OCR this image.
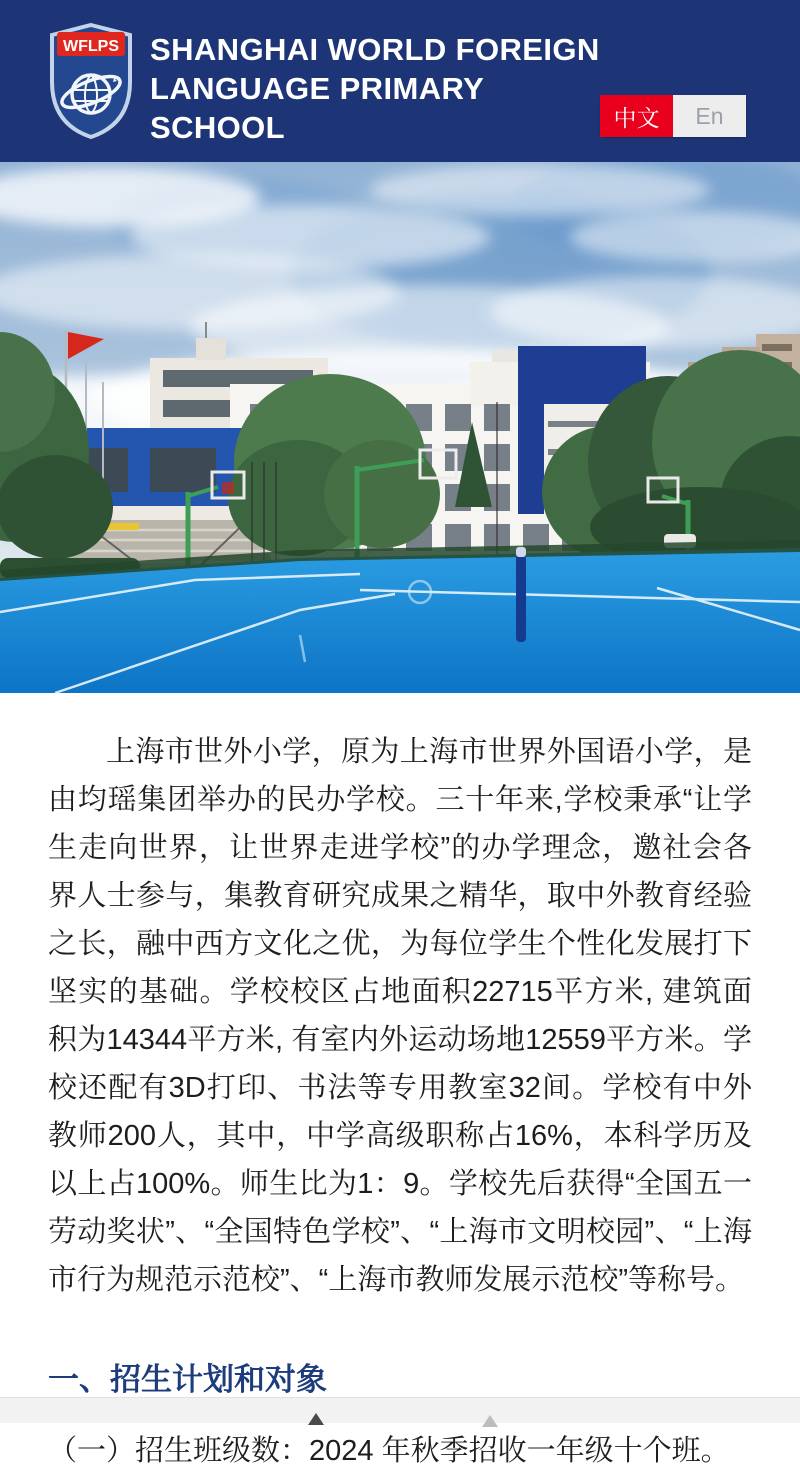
WFLPS SHANGHAI WORLD FOREIGN
LANGUAGE PRIMARY
SCHOOL	中文	En

上海市世外小学，原为上海市世界外国语小学，是由均瑶集团举办的民办学校。三十年来,学校秉承“让学生走向世界，让世界走进学校”的办学理念，邀社会各界人士参与，集教育研究成果之精华，取中外教育经验之长，融中西方文化之优，为每位学生个性化发展打下坚实的基础。学校校区占地面积22715平方米, 建筑面积为14344平方米, 有室内外运动场地12559平方米。学校还配有3D打印、书法等专用教室32间。学校有中外教师200人，其中，中学高级职称占16%，本科学历及以上占100%。师生比为1：9。学校先后获得“全国五一劳动奖状”、“全国特色学校”、“上海市文明校园”、“上海市行为规范示范校”、“上海市教师发展示范校”等称号。

一、招生计划和对象

（一）招生班级数：2024 年秋季招收一年级十个班。
